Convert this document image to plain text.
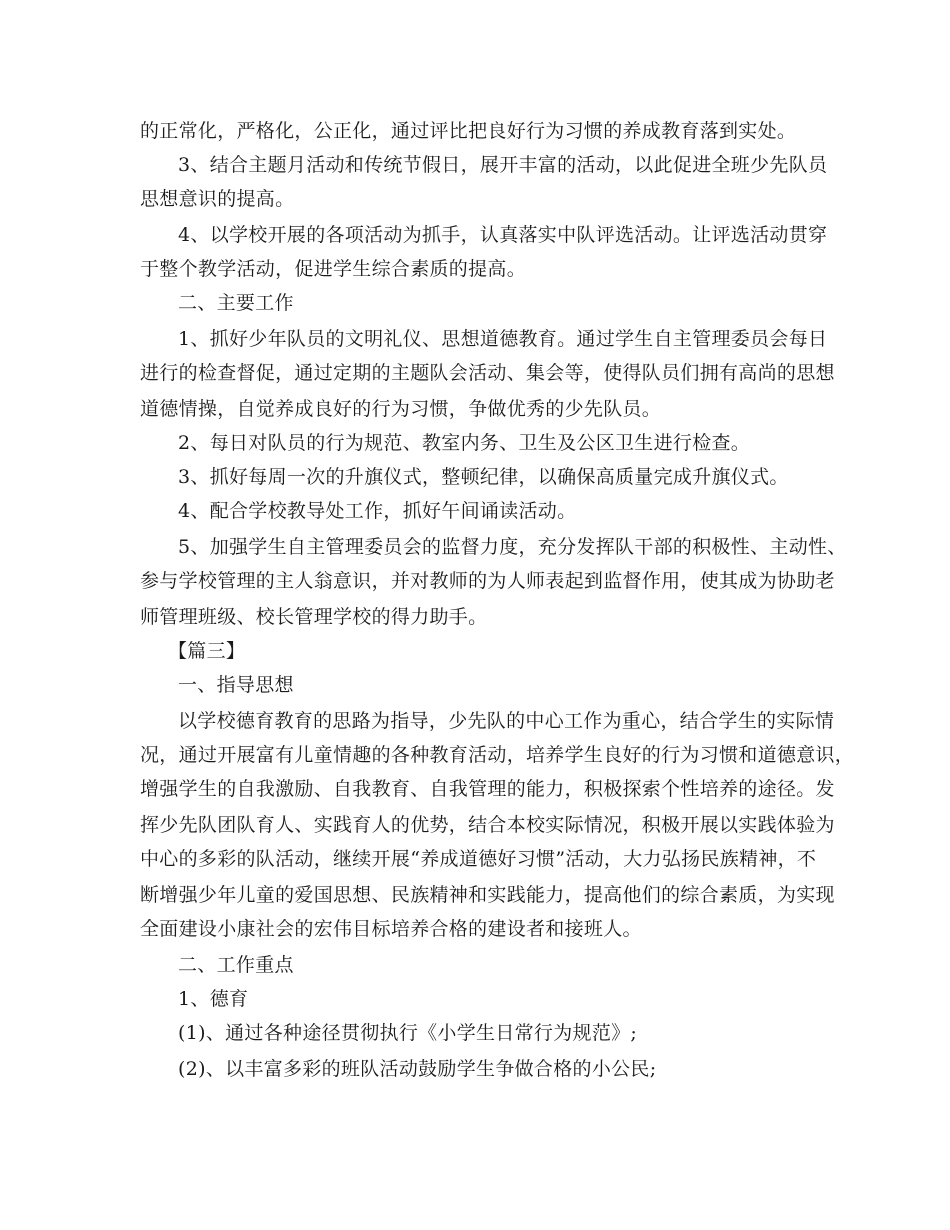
的正常化，严格化，公正化，通过评比把良好行为习惯的养成教育落到实处。
3、结合主题月活动和传统节假日，展开丰富的活动，以此促进全班少先队员
思想意识的提高。
4、以学校开展的各项活动为抓手，认真落实中队评选活动。让评选活动贯穿
于整个教学活动，促进学生综合素质的提高。
二、主要工作
1、抓好少年队员的文明礼仪、思想道德教育。通过学生自主管理委员会每日
进行的检查督促，通过定期的主题队会活动、集会等，使得队员们拥有高尚的思想
道德情操，自觉养成良好的行为习惯，争做优秀的少先队员。
2、每日对队员的行为规范、教室内务、卫生及公区卫生进行检查。
3、抓好每周一次的升旗仪式，整顿纪律，以确保高质量完成升旗仪式。
4、配合学校教导处工作，抓好午间诵读活动。
5、加强学生自主管理委员会的监督力度，充分发挥队干部的积极性、主动性、
参与学校管理的主人翁意识，并对教师的为人师表起到监督作用，使其成为协助老
师管理班级、校长管理学校的得力助手。
【篇三】
一、指导思想
以学校德育教育的思路为指导，少先队的中心工作为重心，结合学生的实际情
况，通过开展富有儿童情趣的各种教育活动，培养学生良好的行为习惯和道德意识，
增强学生的自我激励、自我教育、自我管理的能力，积极探索个性培养的途径。发
挥少先队团队育人、实践育人的优势，结合本校实际情况，积极开展以实践体验为
中心的多彩的队活动，继续开展“养成道德好习惯”活动，大力弘扬民族精神，不
断增强少年儿童的爱国思想、民族精神和实践能力，提高他们的综合素质，为实现
全面建设小康社会的宏伟目标培养合格的建设者和接班人。
二、工作重点
1、德育
(1)、通过各种途径贯彻执行《小学生日常行为规范》;
(2)、以丰富多彩的班队活动鼓励学生争做合格的小公民;
